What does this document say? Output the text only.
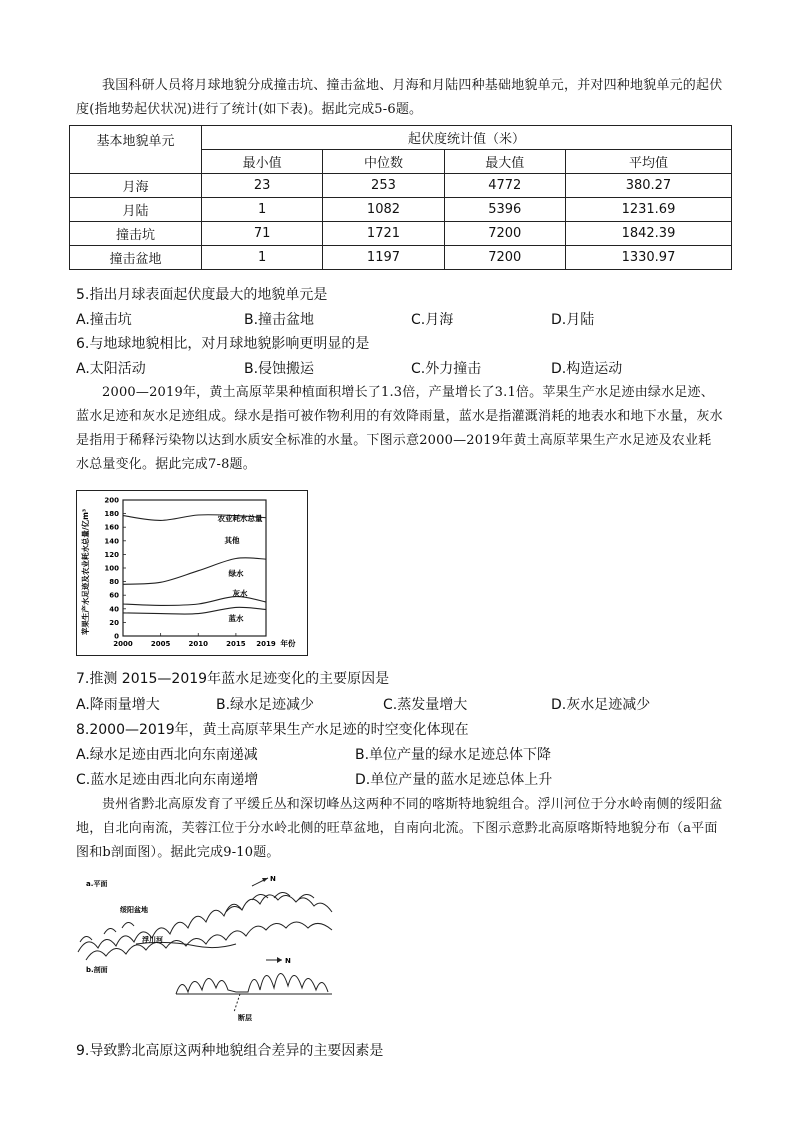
我国科研人员将月球地貌分成撞击坑、撞击盆地、月海和月陆四种基础地貌单元，并对四种地貌单元的起伏度(指地势起伏状况)进行了统计(如下表)。据此完成5-6题。
基本地貌单元	起伏度统计值（米）			
	最小值	中位数	最大值	平均值
月海	23	253	4772	380.27
月陆	1	1082	5396	1231.69
撞击坑	71	1721	7200	1842.39
撞击盆地	1	1197	7200	1330.97
5.指出月球表面起伏度最大的地貌单元是
A.撞击坑	B.撞击盆地	C.月海	D.月陆
6.与地球地貌相比，对月球地貌影响更明显的是
A.太阳活动	B.侵蚀搬运	C.外力撞击	D.构造运动
2000—2019年，黄土高原苹果种植面积增长了1.3倍，产量增长了3.1倍。苹果生产水足迹由绿水足迹、蓝水足迹和灰水足迹组成。绿水是指可被作物利用的有效降雨量，蓝水是指灌溉消耗的地表水和地下水量，灰水是指用于稀释污染物以达到水质安全标准的水量。下图示意2000—2019年黄土高原苹果生产水足迹及农业耗水总量变化。据此完成7-8题。
苹果生产水足迹及农业耗水总量/亿m³
0
20
40
60
80
100
120
140
160
180
200
2000	2005	2010	2015 2019
农业耗水总量
其他
绿水
灰水
蓝水
年份
7.推测 2015—2019年蓝水足迹变化的主要原因是
A.降雨量增大	B.绿水足迹减少	C.蒸发量增大	D.灰水足迹减少
8.2000—2019年，黄土高原苹果生产水足迹的时空变化体现在
A.绿水足迹由西北向东南递减	B.单位产量的绿水足迹总体下降
C.蓝水足迹由西北向东南递增	D.单位产量的蓝水足迹总体上升
贵州省黔北高原发育了平缓丘丛和深切峰丛这两种不同的喀斯特地貌组合。浮川河位于分水岭南侧的绥阳盆地，自北向南流，芙蓉江位于分水岭北侧的旺草盆地，自南向北流。下图示意黔北高原喀斯特地貌分布（a平面图和b剖面图）。据此完成9-10题。
a.平面
绥阳盆地
浮川河
N
b.剖面
N
断层
9.导致黔北高原这两种地貌组合差异的主要因素是
